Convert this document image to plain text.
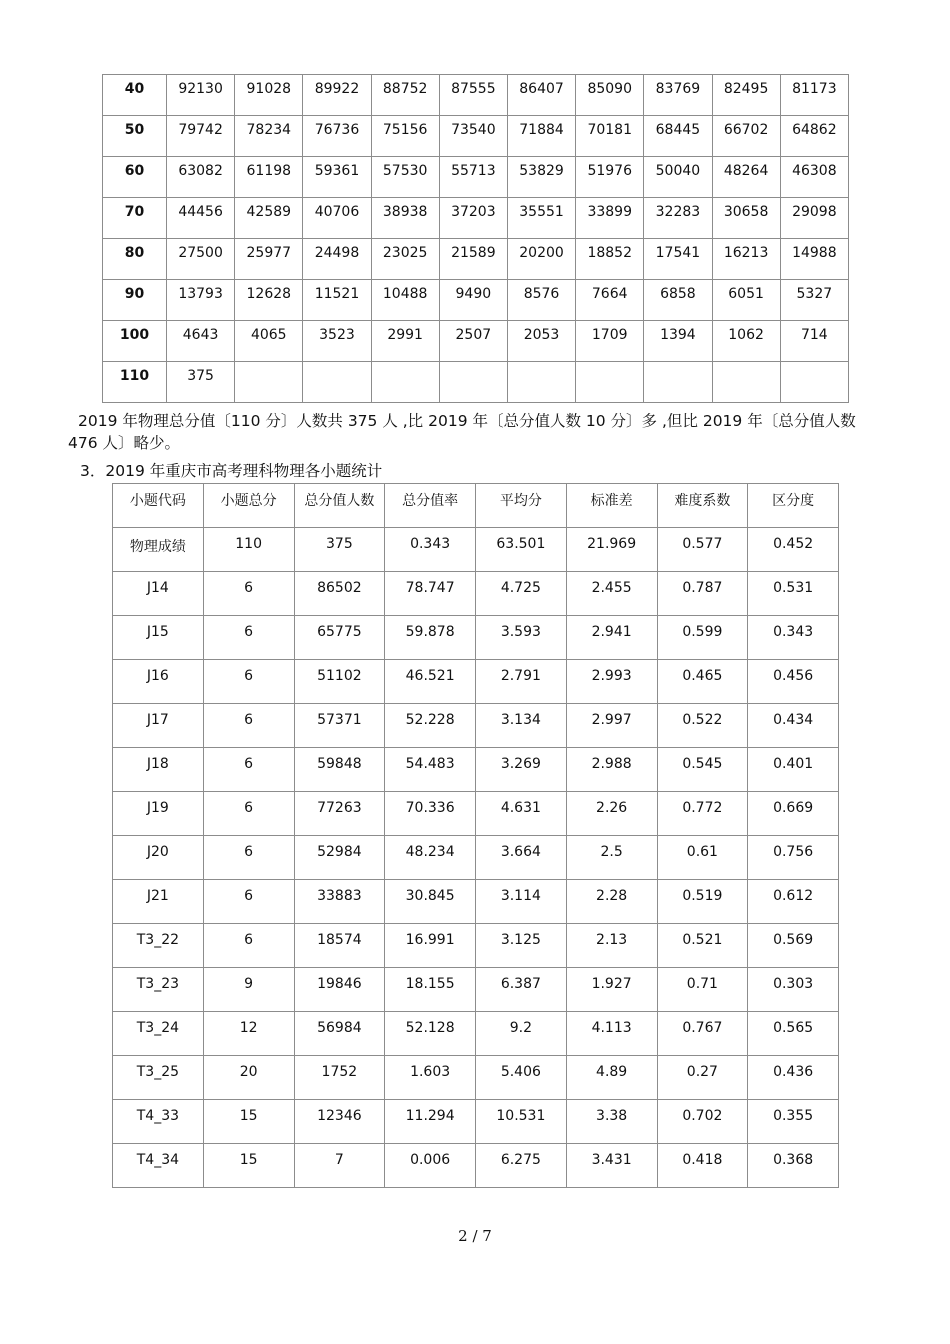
40	92130	91028	89922	88752	87555	86407	85090	83769	82495	81173
50	79742	78234	76736	75156	73540	71884	70181	68445	66702	64862
60	63082	61198	59361	57530	55713	53829	51976	50040	48264	46308
70	44456	42589	40706	38938	37203	35551	33899	32283	30658	29098
80	27500	25977	24498	23025	21589	20200	18852	17541	16213	14988
90	13793	12628	11521	10488	9490	8576	7664	6858	6051	5327
100	4643	4065	3523	2991	2507	2053	1709	1394	1062	714
110	375									
2019 年物理总分值〔110 分〕人数共 375 人 ,比 2019 年〔总分值人数 10 分〕多 ,但比 2019 年〔总分值人数 476 人〕略少。
3．2019 年重庆市高考理科物理各小题统计
小题代码	小题总分	总分值人数	总分值率	平均分	标准差	难度系数	区分度
物理成绩	110	375	0.343	63.501	21.969	0.577	0.452
J14	6	86502	78.747	4.725	2.455	0.787	0.531
J15	6	65775	59.878	3.593	2.941	0.599	0.343
J16	6	51102	46.521	2.791	2.993	0.465	0.456
J17	6	57371	52.228	3.134	2.997	0.522	0.434
J18	6	59848	54.483	3.269	2.988	0.545	0.401
J19	6	77263	70.336	4.631	2.26	0.772	0.669
J20	6	52984	48.234	3.664	2.5	0.61	0.756
J21	6	33883	30.845	3.114	2.28	0.519	0.612
T3_22	6	18574	16.991	3.125	2.13	0.521	0.569
T3_23	9	19846	18.155	6.387	1.927	0.71	0.303
T3_24	12	56984	52.128	9.2	4.113	0.767	0.565
T3_25	20	1752	1.603	5.406	4.89	0.27	0.436
T4_33	15	12346	11.294	10.531	3.38	0.702	0.355
T4_34	15	7	0.006	6.275	3.431	0.418	0.368
2 / 7
